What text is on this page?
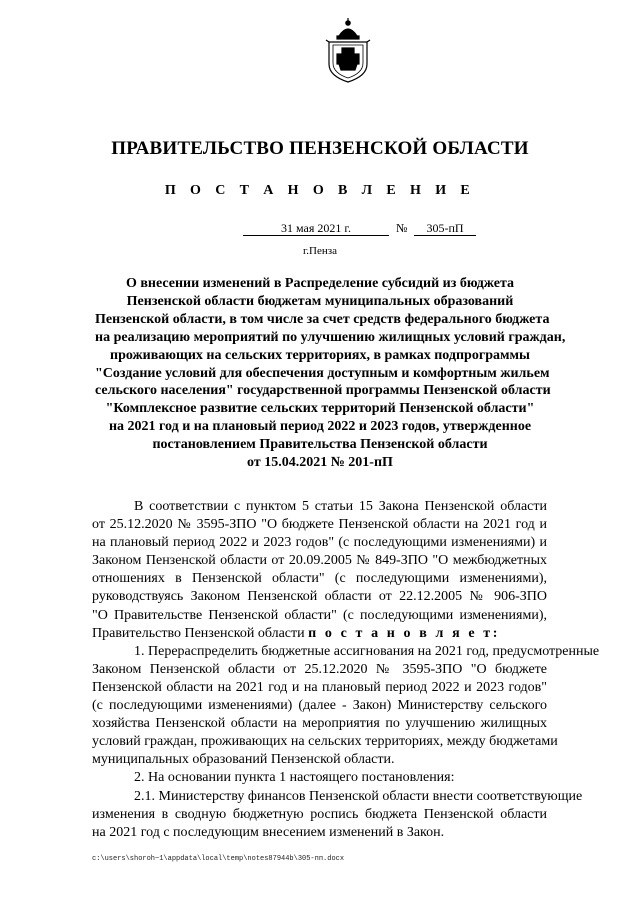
ПРАВИТЕЛЬСТВО ПЕНЗЕНСКОЙ ОБЛАСТИ
П О С Т А Н О В Л Е Н И Е
31 мая 2021 г.	№	305-пП
г.Пенза
О внесении изменений в Распределение субсидий из бюджета
Пензенской области бюджетам муниципальных образований
Пензенской области, в том числе за счет средств федерального бюджета
на реализацию мероприятий по улучшению жилищных условий граждан,
проживающих на сельских территориях, в рамках подпрограммы
"Создание условий для обеспечения доступным и комфортным жильем
сельского населения" государственной программы Пензенской области
"Комплексное развитие сельских территорий Пензенской области"
на 2021 год и на плановый период 2022 и 2023 годов, утвержденное
постановлением Правительства Пензенской области
от 15.04.2021 № 201-пП
В соответствии с пунктом 5 статьи 15 Закона Пензенской области
от 25.12.2020 № 3595-ЗПО "О бюджете Пензенской области на 2021 год и
на плановый период 2022 и 2023 годов" (с последующими изменениями) и
Законом Пензенской области от 20.09.2005 № 849-ЗПО "О межбюджетных
отношениях в Пензенской области" (с последующими изменениями),
руководствуясь Законом Пензенской области от 22.12.2005 № 906-ЗПО
"О Правительстве Пензенской области" (с последующими изменениями),
Правительство Пензенской области п о с т а н о в л я е т:
1. Перераспределить бюджетные ассигнования на 2021 год, предусмотренные
Законом Пензенской области от 25.12.2020 № 3595-ЗПО "О бюджете
Пензенской области на 2021 год и на плановый период 2022 и 2023 годов"
(с последующими изменениями) (далее - Закон) Министерству сельского
хозяйства Пензенской области на мероприятия по улучшению жилищных
условий граждан, проживающих на сельских территориях, между бюджетами
муниципальных образований Пензенской области.
2. На основании пункта 1 настоящего постановления:
2.1. Министерству финансов Пензенской области внести соответствующие
изменения в сводную бюджетную роспись бюджета Пензенской области
на 2021 год с последующим внесением изменений в Закон.
c:\users\shoroh~1\appdata\local\temp\notes87944b\305-пп.docx
